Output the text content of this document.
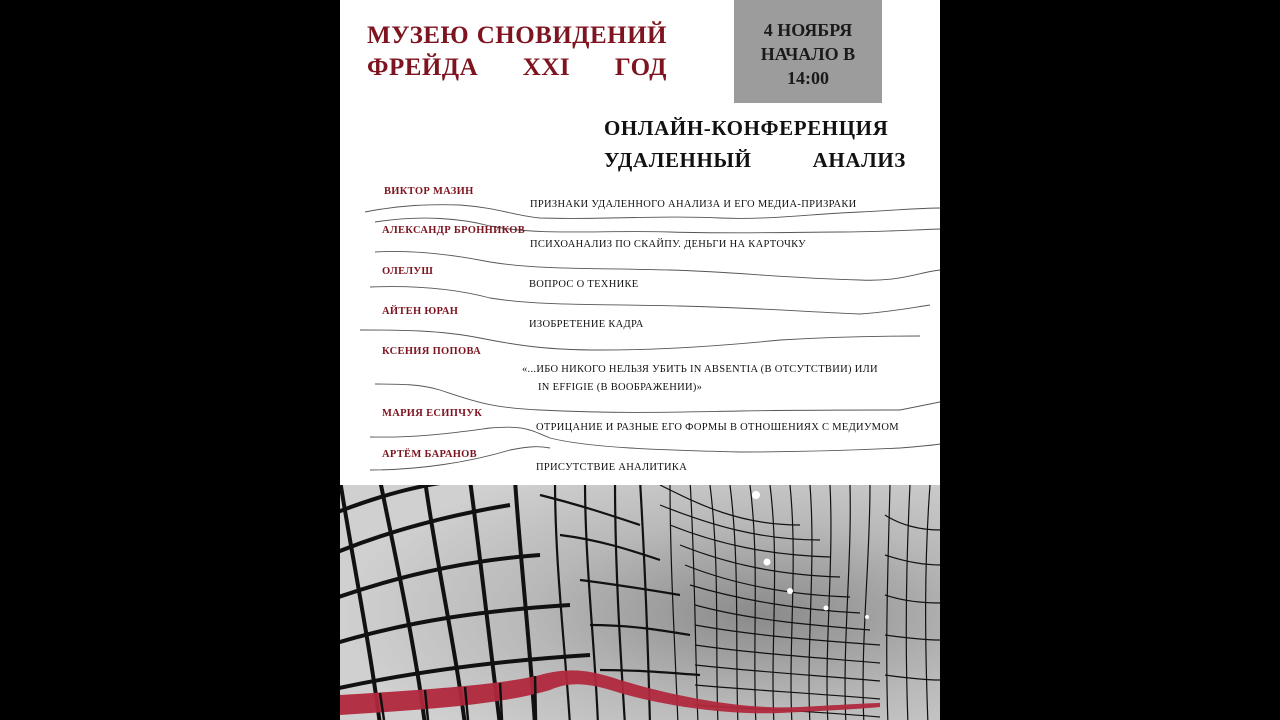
МУЗЕЮ СНОВИДЕНИЙ
ФРЕЙДА XXI ГОД
4 НОЯБРЯ
НАЧАЛО В
14:00
ОНЛАЙН-КОНФЕРЕНЦИЯ
УДАЛЕННЫЙ	АНАЛИЗ
ВИКТОР МАЗИН
ПРИЗНАКИ УДАЛЕННОГО АНАЛИЗА И ЕГО МЕДИА-ПРИЗРАКИ
АЛЕКСАНДР БРОННИКОВ
ПСИХОАНАЛИЗ ПО СКАЙПУ. ДЕНЬГИ НА КАРТОЧКУ
ОЛЕЛУШ
ВОПРОС О ТЕХНИКЕ
АЙТЕН ЮРАН
ИЗОБРЕТЕНИЕ КАДРА
КСЕНИЯ ПОПОВА
«...ИБО НИКОГО НЕЛЬЗЯ УБИТЬ IN ABSENTIA (В ОТСУТСТВИИ) ИЛИ
IN EFFIGIE (В ВООБРАЖЕНИИ)»
МАРИЯ ЕСИПЧУК
ОТРИЦАНИЕ И РАЗНЫЕ ЕГО ФОРМЫ В ОТНОШЕНИЯХ С МЕДИУМОМ
АРТЁМ БАРАНОВ
ПРИСУТСТВИЕ АНАЛИТИКА
